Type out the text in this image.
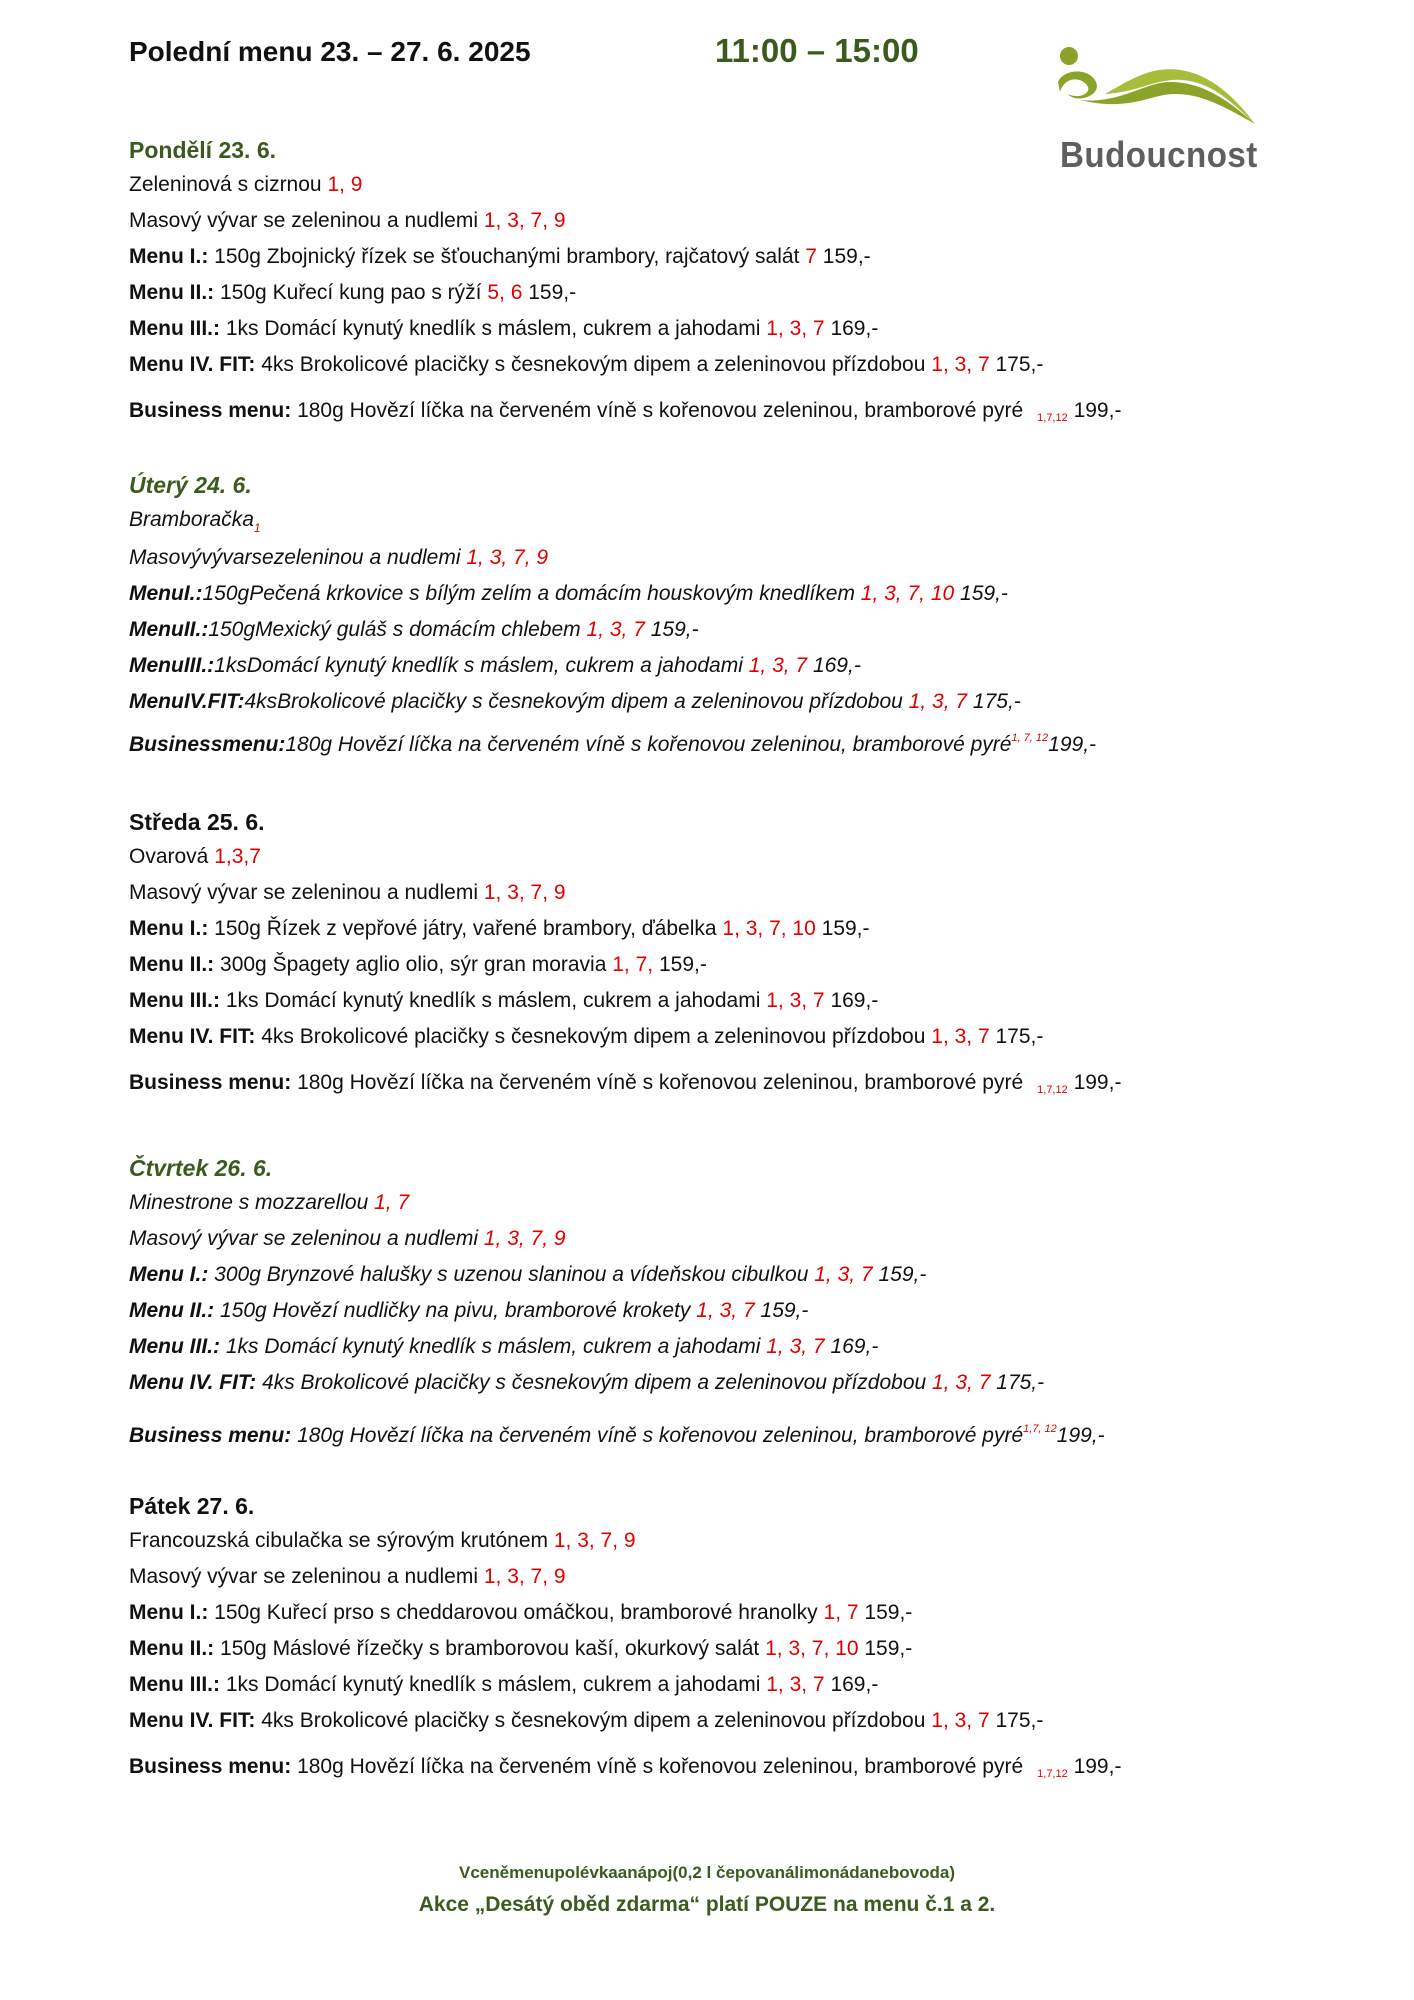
Polední menu 23. – 27. 6. 2025	11:00 – 15:00
Budoucnost
Pondělí 23. 6.
Zeleninová s cizrnou 1, 9
Masový vývar se zeleninou a nudlemi 1, 3, 7, 9
Menu I.: 150g Zbojnický řízek se šťouchanými brambory, rajčatový salát 7 159,-
Menu II.: 150g Kuřecí kung pao s rýží 5, 6 159,-
Menu III.: 1ks Domácí kynutý knedlík s máslem, cukrem a jahodami 1, 3, 7 169,-
Menu IV. FIT: 4ks Brokolicové placičky s česnekovým dipem a zeleninovou přízdobou 1, 3, 7 175,-
Business menu: 180g Hovězí líčka na červeném víně s kořenovou zeleninou, bramborové pyré $_{1,7,12}$ 199,-
Úterý 24. 6.
Bramboračka$_1$
Masovývývarsezeleninou a nudlemi 1, 3, 7, 9
MenuI.:150gPečená krkovice s bílým zelím a domácím houskovým knedlíkem 1, 3, 7, 10 159,-
MenuII.:150gMexický guláš s domácím chlebem 1, 3, 7 159,-
MenuIII.:1ksDomácí kynutý knedlík s máslem, cukrem a jahodami 1, 3, 7 169,-
MenuIV.FIT:4ksBrokolicové placičky s česnekovým dipem a zeleninovou přízdobou 1, 3, 7 175,-
Businessmenu:180g Hovězí líčka na červeném víně s kořenovou zeleninou, bramborové pyré$^{1, 7, 12}$199,-
Středa 25. 6.
Ovarová 1,3,7
Masový vývar se zeleninou a nudlemi 1, 3, 7, 9
Menu I.: 150g Řízek z vepřové játry, vařené brambory, ďábelka 1, 3, 7, 10 159,-
Menu II.: 300g Špagety aglio olio, sýr gran moravia 1, 7, 159,-
Menu III.: 1ks Domácí kynutý knedlík s máslem, cukrem a jahodami 1, 3, 7 169,-
Menu IV. FIT: 4ks Brokolicové placičky s česnekovým dipem a zeleninovou přízdobou 1, 3, 7 175,-
Business menu: 180g Hovězí líčka na červeném víně s kořenovou zeleninou, bramborové pyré $_{1,7,12}$ 199,-
Čtvrtek 26. 6.
Minestrone s mozzarellou 1, 7
Masový vývar se zeleninou a nudlemi 1, 3, 7, 9
Menu I.: 300g Brynzové halušky s uzenou slaninou a vídeňskou cibulkou 1, 3, 7 159,-
Menu II.: 150g Hovězí nudličky na pivu, bramborové krokety 1, 3, 7 159,-
Menu III.: 1ks Domácí kynutý knedlík s máslem, cukrem a jahodami 1, 3, 7 169,-
Menu IV. FIT: 4ks Brokolicové placičky s česnekovým dipem a zeleninovou přízdobou 1, 3, 7 175,-
Business menu: 180g Hovězí líčka na červeném víně s kořenovou zeleninou, bramborové pyré$^{1,7, 12}$199,-
Pátek 27. 6.
Francouzská cibulačka se sýrovým krutónem 1, 3, 7, 9
Masový vývar se zeleninou a nudlemi 1, 3, 7, 9
Menu I.: 150g Kuřecí prso s cheddarovou omáčkou, bramborové hranolky 1, 7 159,-
Menu II.: 150g Máslové řízečky s bramborovou kaší, okurkový salát 1, 3, 7, 10 159,-
Menu III.: 1ks Domácí kynutý knedlík s máslem, cukrem a jahodami 1, 3, 7 169,-
Menu IV. FIT: 4ks Brokolicové placičky s česnekovým dipem a zeleninovou přízdobou 1, 3, 7 175,-
Business menu: 180g Hovězí líčka na červeném víně s kořenovou zeleninou, bramborové pyré $_{1,7,12}$ 199,-
Vceněmenupolévkaanápoj(0,2 l čepovanálimonádanebovoda)
Akce „Desátý oběd zdarma“ platí POUZE na menu č.1 a 2.
